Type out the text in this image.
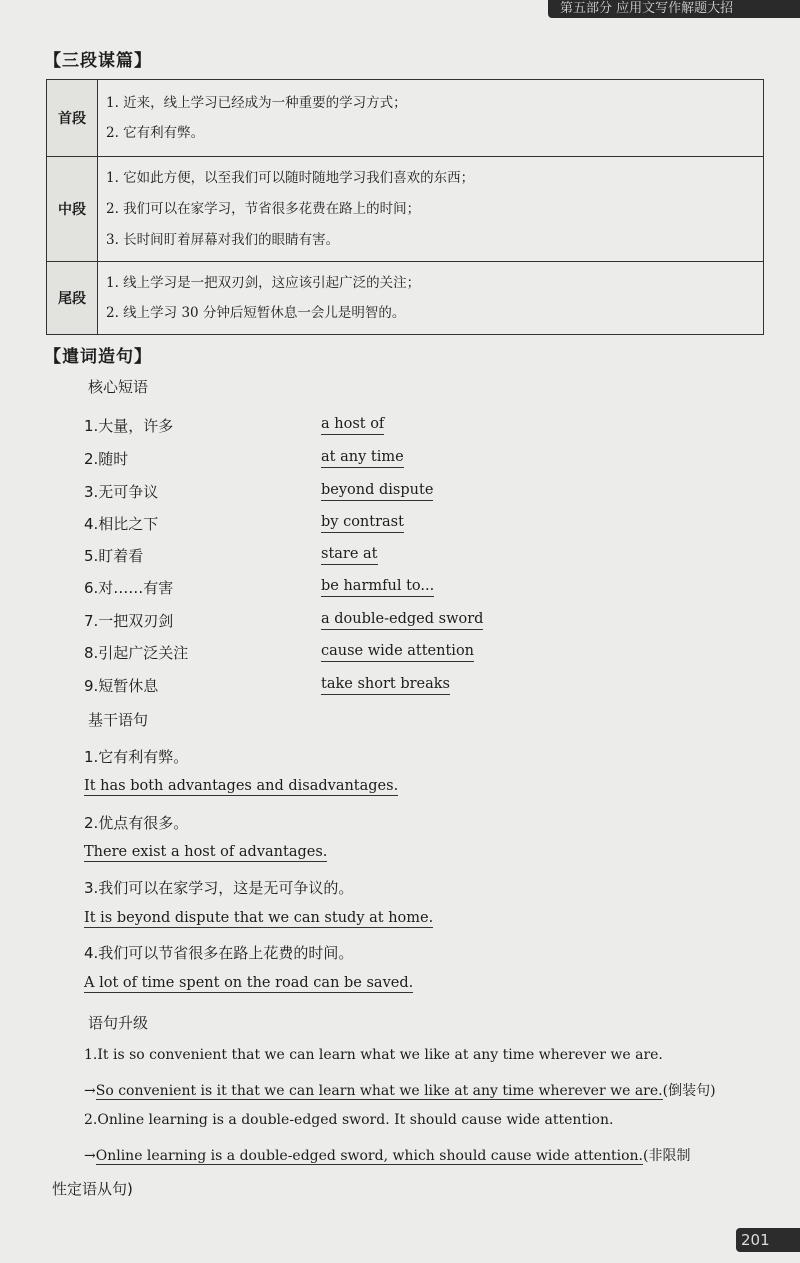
第五部分 应用文写作解题大招
【三段谋篇】
首段	1. 近来，线上学习已经成为一种重要的学习方式；

2. 它有利有弊。

中段	1. 它如此方便，以至我们可以随时随地学习我们喜欢的东西；

2. 我们可以在家学习，节省很多花费在路上的时间；

3. 长时间盯着屏幕对我们的眼睛有害。

尾段	1. 线上学习是一把双刃剑，这应该引起广泛的关注；

2. 线上学习 30 分钟后短暂休息一会儿是明智的。

【遣词造句】
核心短语
1.大量，许多	a host of
2.随时	at any time
3.无可争议	beyond dispute
4.相比之下	by contrast
5.盯着看	stare at
6.对……有害	be harmful to...
7.一把双刃剑	a double-edged sword
8.引起广泛关注	cause wide attention
9.短暂休息	take short breaks
基干语句
1.它有利有弊。
It has both advantages and disadvantages.
2.优点有很多。
There exist a host of advantages.
3.我们可以在家学习，这是无可争议的。
It is beyond dispute that we can study at home.
4.我们可以节省很多在路上花费的时间。
A lot of time spent on the road can be saved.
语句升级
1.It is so convenient that we can learn what we like at any time wherever we are.
→So convenient is it that we can learn what we like at any time wherever we are.(倒装句)
2.Online learning is a double-edged sword. It should cause wide attention.
→Online learning is a double-edged sword, which should cause wide attention.(非限制
性定语从句)
201
